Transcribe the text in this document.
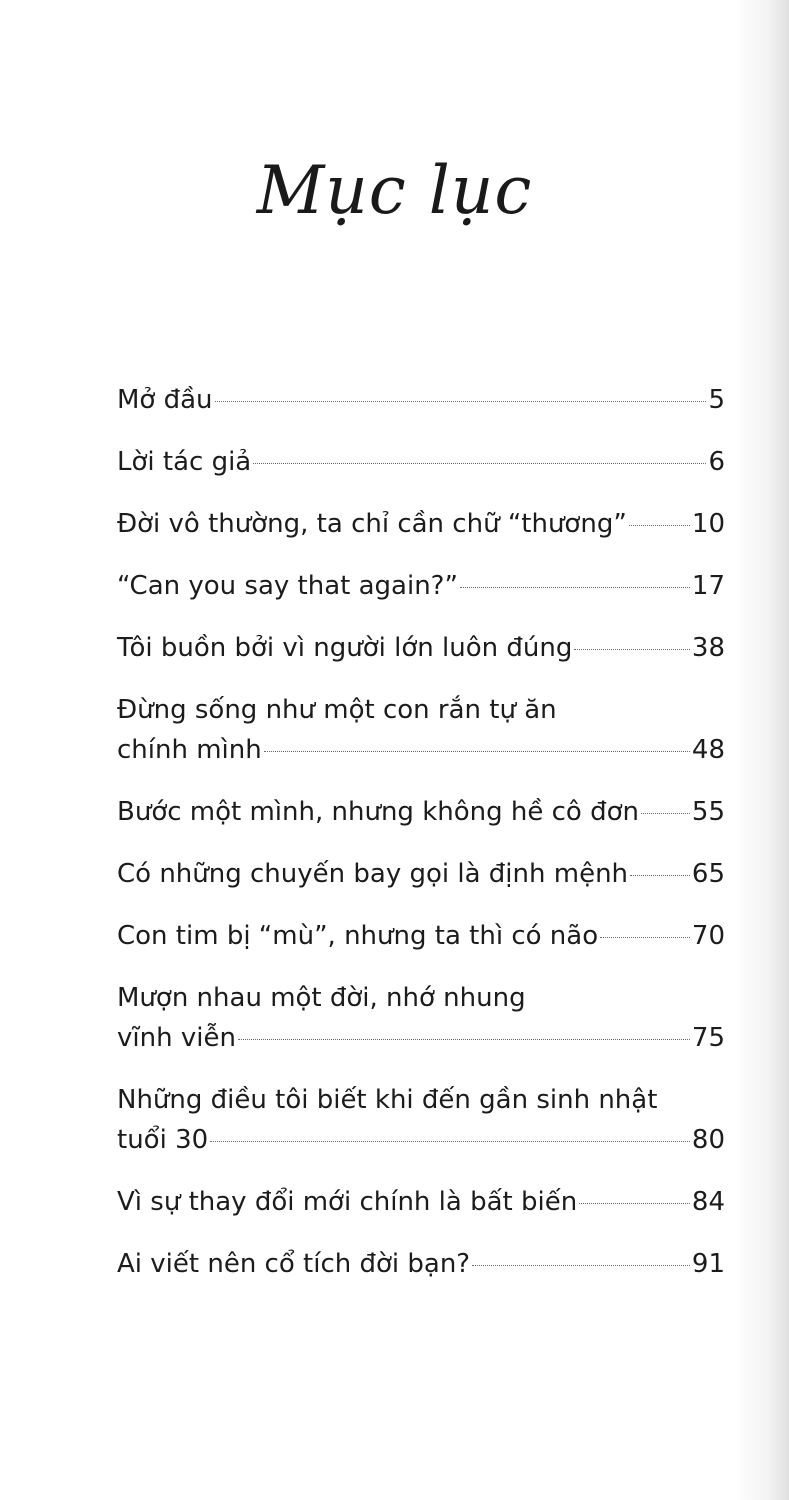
Mục lục
Mở đầu	5
Lời tác giả	6
Đời vô thường, ta chỉ cần chữ “thương”	10
“Can you say that again?”	17
Tôi buồn bởi vì người lớn luôn đúng	38
Đừng sống như một con rắn tự ăn
chính mình	48
Bước một mình, nhưng không hề cô đơn 55
Có những chuyến bay gọi là định mệnh 65
Con tim bị “mù”, nhưng ta thì có não	70
Mượn nhau một đời, nhớ nhung
vĩnh viễn	75
Những điều tôi biết khi đến gần sinh nhật
tuổi 30	80
Vì sự thay đổi mới chính là bất biến	84
Ai viết nên cổ tích đời bạn?	91
